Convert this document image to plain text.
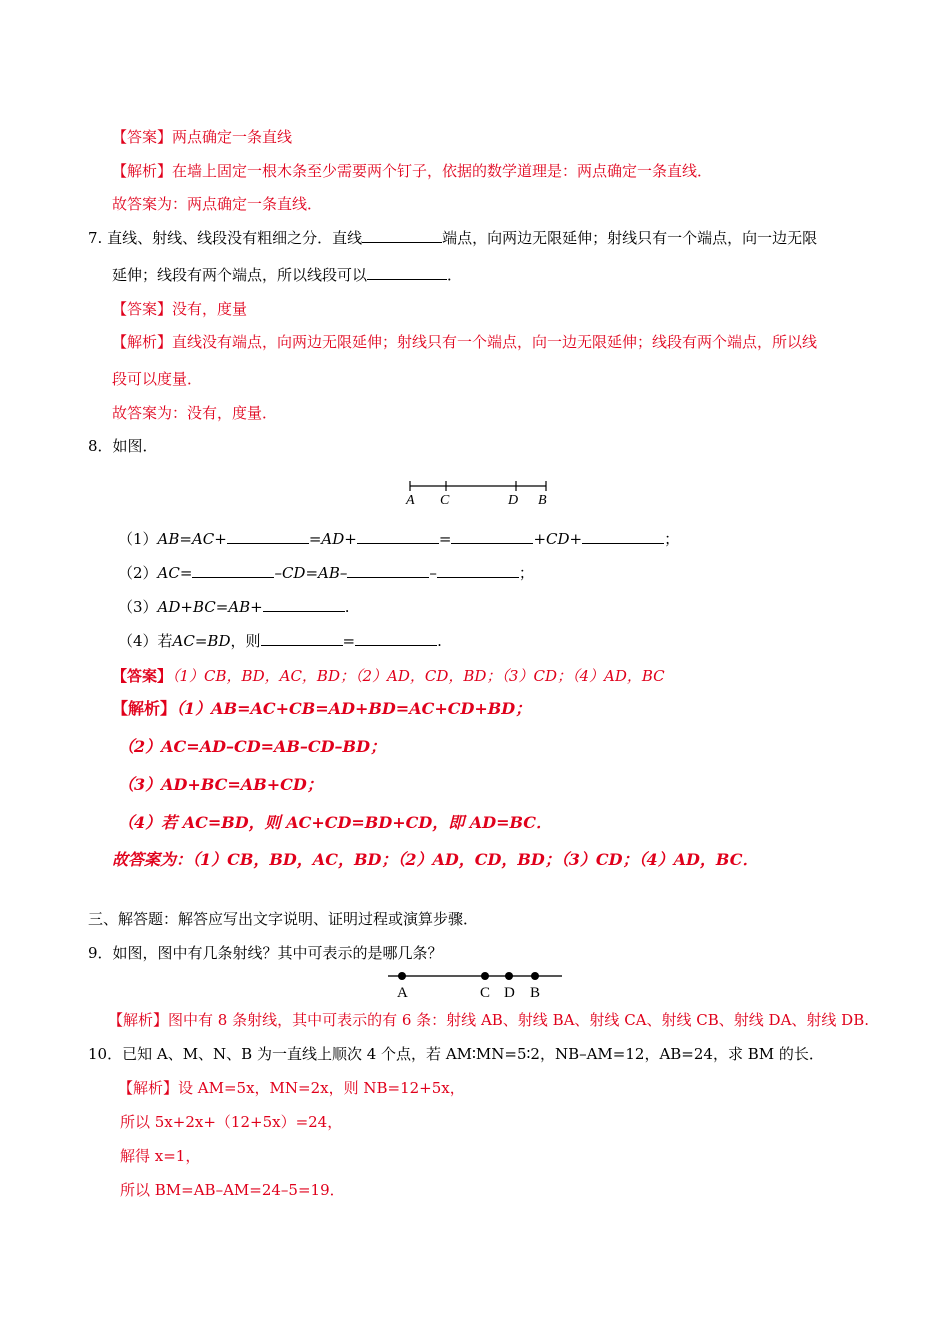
【答案】两点确定一条直线
【解析】在墙上固定一根木条至少需要两个钉子，依据的数学道理是：两点确定一条直线．
故答案为：两点确定一条直线．
7. 直线、射线、线段没有粗细之分．直线	端点，向两边无限延伸；射线只有一个端点，向一边无限
延伸；线段有两个端点，所以线段可以	．
【答案】没有，度量
【解析】直线没有端点，向两边无限延伸；射线只有一个端点，向一边无限延伸；线段有两个端点，所以线
段可以度量．
故答案为：没有，度量．
8．如图．
A C	D B
（1）AB=AC+	=AD+	=	+CD+	；
（2）AC=	–CD=AB–	–	；
（3）AD+BC=AB+	.
（4）若AC=BD，则	=	.
【答案】（1）CB，BD，AC，BD；（2）AD，CD，BD；（3）CD；（4）AD，BC
【解析】（1）AB=AC+CB=AD+BD=AC+CD+BD；
（2）AC=AD–CD=AB–CD–BD；
（3）AD+BC=AB+CD；
（4）若 AC=BD，则 AC+CD=BD+CD，即 AD=BC．
故答案为：（1）CB，BD，AC，BD；（2）AD，CD，BD；（3）CD；（4）AD，BC．
三、解答题：解答应写出文字说明、证明过程或演算步骤．
9．如图，图中有几条射线？其中可表示的是哪几条？
A	C D B
【解析】图中有 8 条射线，其中可表示的有 6 条：射线 AB、射线 BA、射线 CA、射线 CB、射线 DA、射线 DB.
10．已知 A、M、N、B 为一直线上顺次 4 个点，若 AM∶MN=5∶2，NB–AM=12，AB=24，求 BM 的长．
【解析】设 AM=5x，MN=2x，则 NB=12+5x，
所以 5x+2x+（12+5x）=24，
解得 x=1，
所以 BM=AB–AM=24–5=19．
